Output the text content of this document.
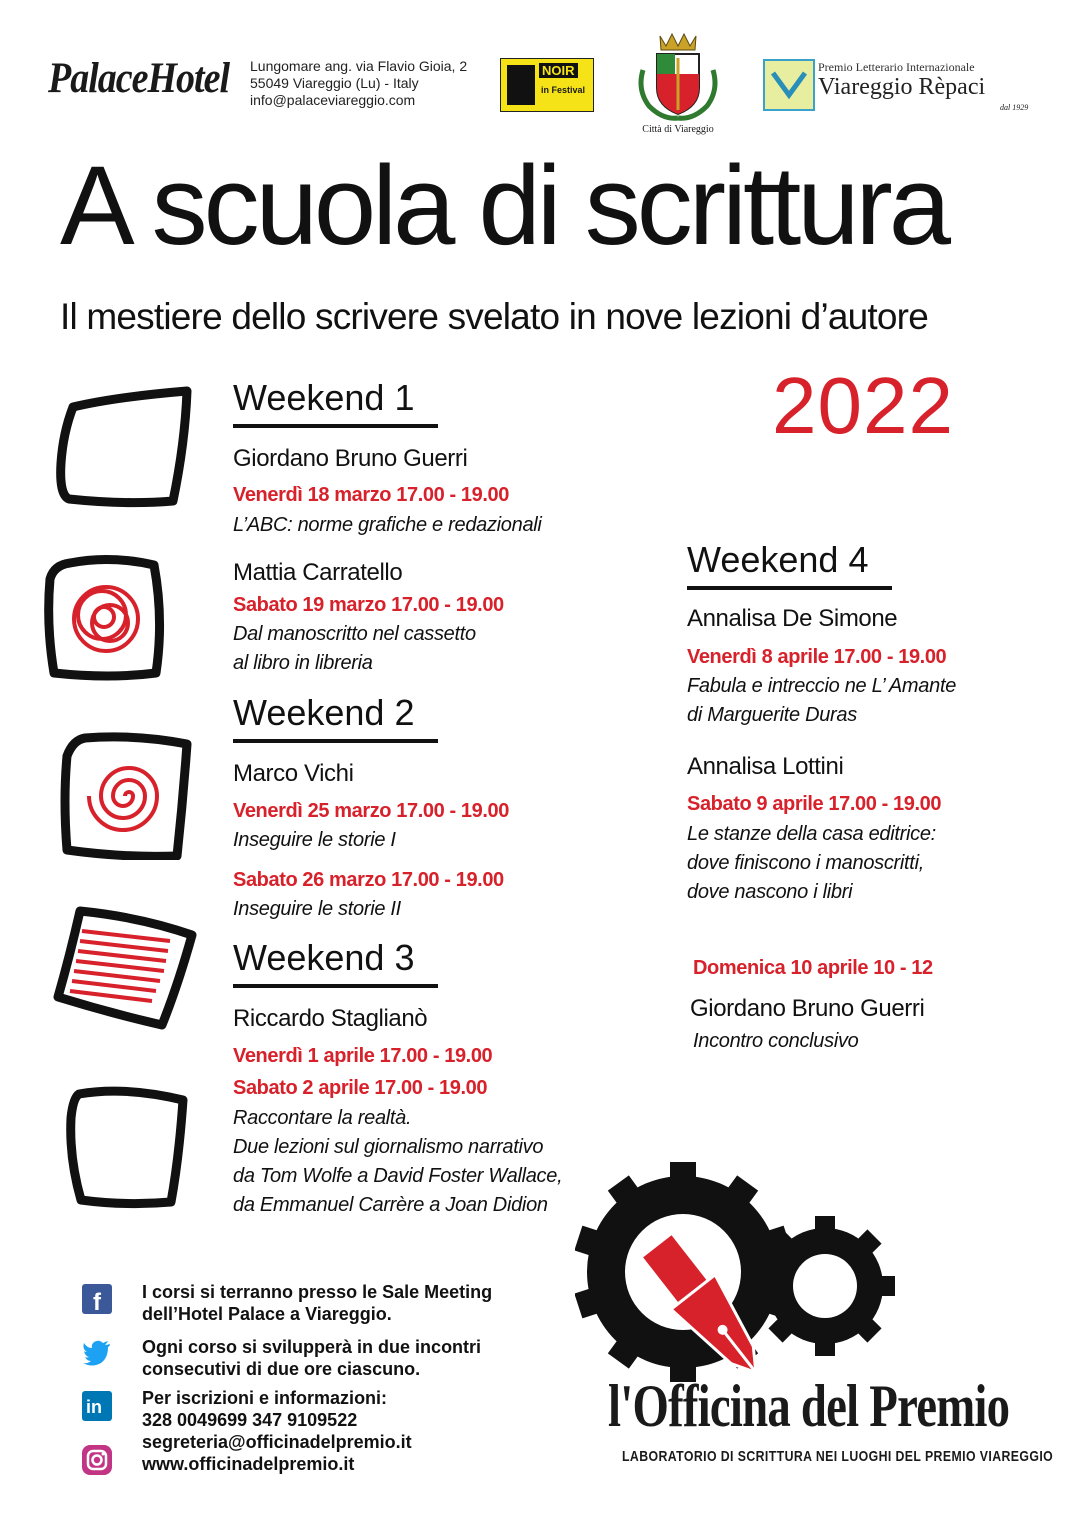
PalaceHotel Lungomare ang. via Flavio Gioia, 2
55049 Viareggio (Lu) - Italy
info@palaceviareggio.com
NOIR
in Festival
Città di Viareggio
Premio Letterario Internazionale
Viareggio Rèpaci
dal 1929
A scuola di scrittura
Il mestiere dello scrivere svelato in nove lezioni d’autore
2022
Weekend 1
Giordano Bruno Guerri
Venerdì 18 marzo 17.00 - 19.00
L’ABC: norme grafiche e redazionali
Mattia Carratello
Sabato 19 marzo 17.00 - 19.00
Dal manoscritto nel cassetto
al libro in libreria
Weekend 2
Marco Vichi
Venerdì 25 marzo 17.00 - 19.00
Inseguire le storie I
Sabato 26 marzo 17.00 - 19.00
Inseguire le storie II
Weekend 3
Riccardo Staglianò
Venerdì 1 aprile 17.00 - 19.00
Sabato 2 aprile 17.00 - 19.00
Raccontare la realtà.
Due lezioni sul giornalismo narrativo
da Tom Wolfe a David Foster Wallace,
da Emmanuel Carrère a Joan Didion
Weekend 4
Annalisa De Simone
Venerdì 8 aprile 17.00 - 19.00
Fabula e intreccio ne L’ Amante
di Marguerite Duras
Annalisa Lottini
Sabato 9 aprile 17.00 - 19.00
Le stanze della casa editrice:
dove finiscono i manoscritti,
dove nascono i libri
Domenica 10 aprile 10 - 12
Giordano Bruno Guerri
Incontro conclusivo
f
in
I corsi si terranno presso le Sale Meeting
dell’Hotel Palace a Viareggio.
Ogni corso si svilupperà in due incontri
consecutivi di due ore ciascuno.
Per iscrizioni e informazioni:
328 0049699 347 9109522
segreteria@officinadelpremio.it
www.officinadelpremio.it
l'Officina del Premio
LABORATORIO DI SCRITTURA NEI LUOGHI DEL PREMIO VIAREGGIO
